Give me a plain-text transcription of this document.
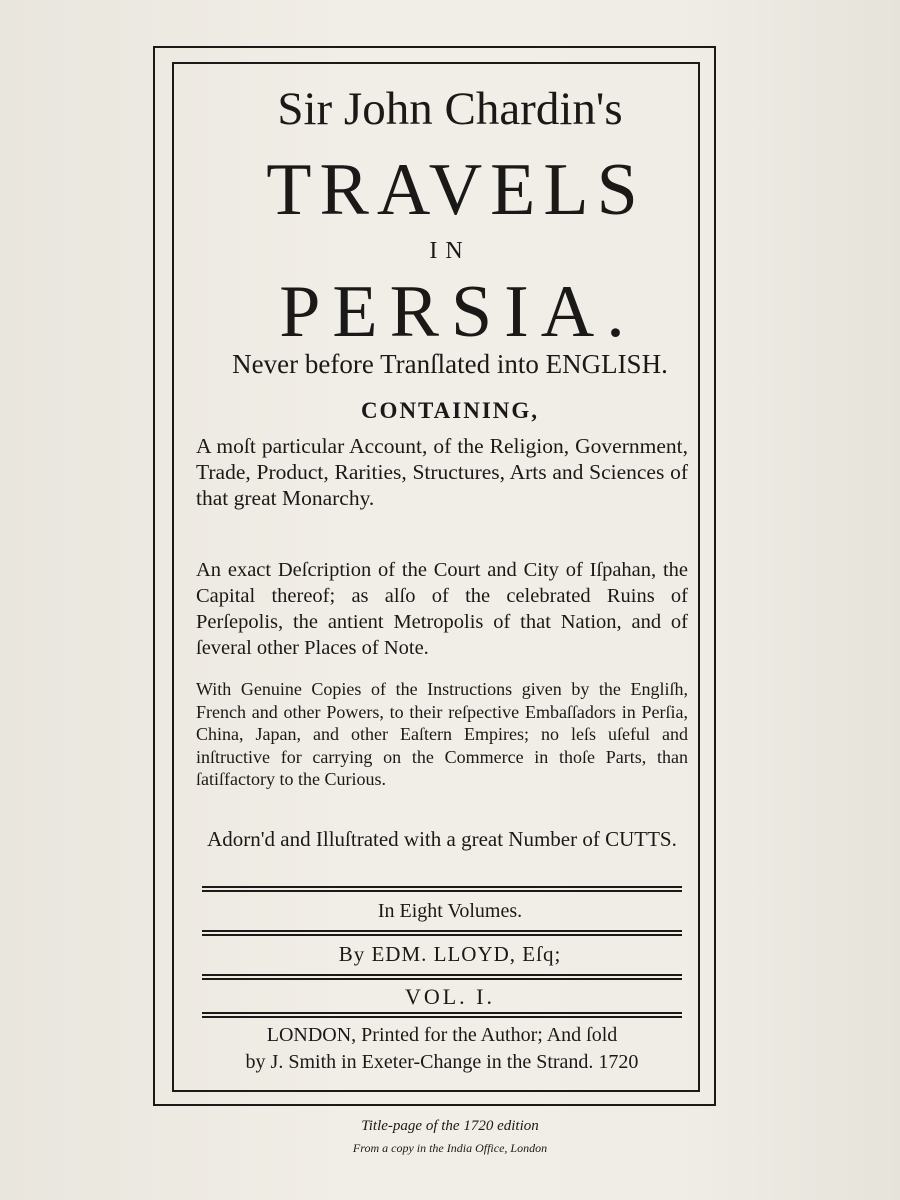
Sir John Chardin's
TRAVELS
IN
PERSIA.
Never before Tranſlated into ENGLISH.
CONTAINING,
A moſt particular Account, of the Religion, Government, Trade, Product, Rarities, Structures, Arts and Sciences of that great Monarchy.
An exact Deſcription of the Court and City of Iſpahan, the Capital thereof; as alſo of the celebrated Ruins of Perſepolis, the antient Metropolis of that Nation, and of ſeveral other Places of Note.
With Genuine Copies of the Instructions given by the Engliſh, French and other Powers, to their reſpective Embaſſadors in Perſia, China, Japan, and other Eaſtern Empires; no leſs uſeful and inſtructive for carrying on the Commerce in thoſe Parts, than ſatiſfactory to the Curious.
Adorn'd and Illuſtrated with a great Number of CUTTS.
In Eight Volumes.
By EDM. LLOYD, Eſq;
VOL. I.
LONDON, Printed for the Author; And ſold
by J. Smith in Exeter-Change in the Strand. 1720
Title-page of the 1720 edition
From a copy in the India Office, London
